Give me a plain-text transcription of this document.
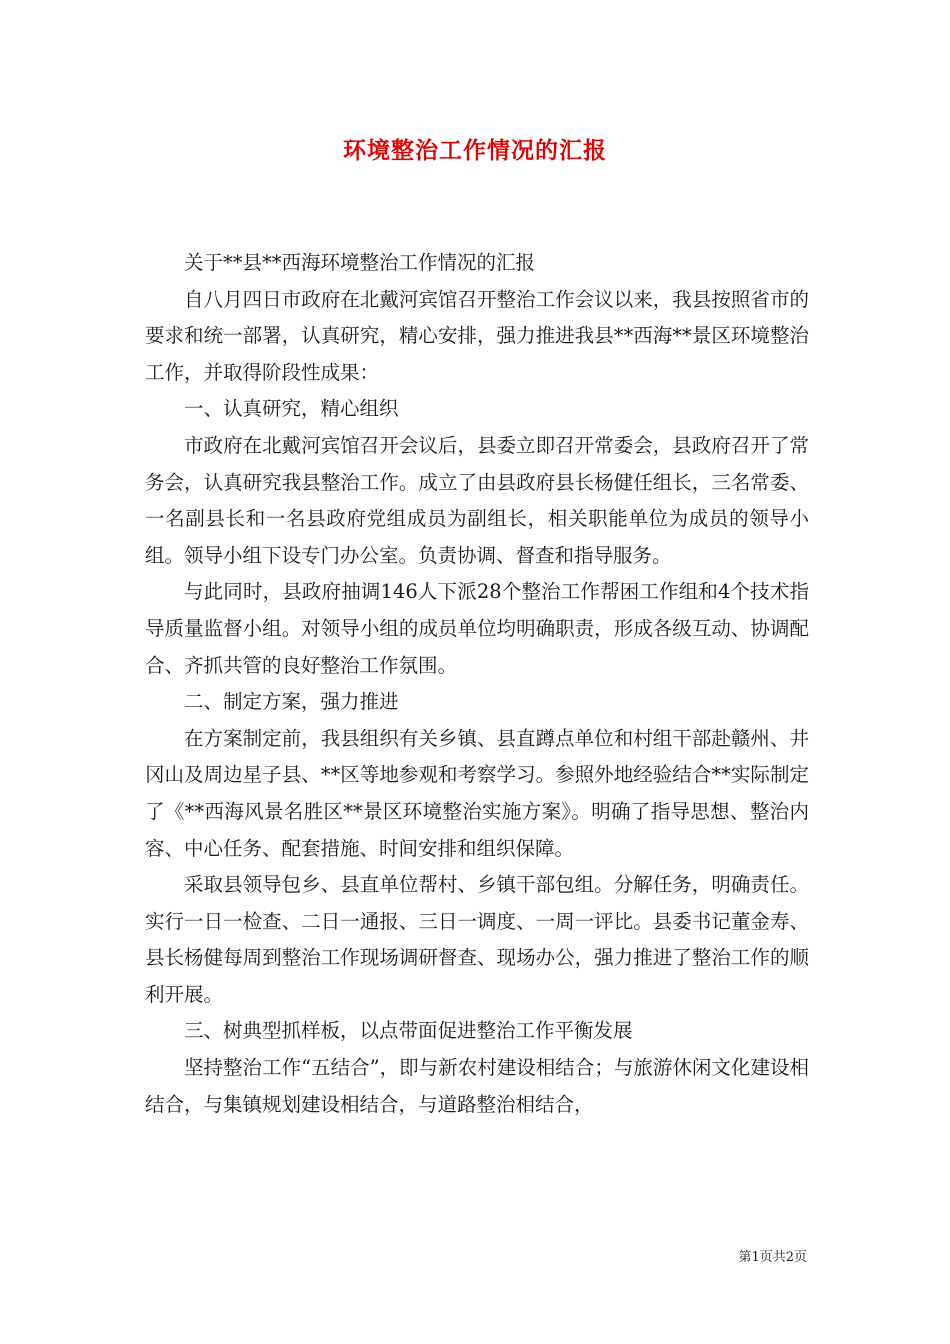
环境整治工作情况的汇报

关于**县**西海环境整治工作情况的汇报

自八月四日市政府在北戴河宾馆召开整治工作会议以来，我县按照省市的要求和统一部署，认真研究，精心安排，强力推进我县**西海**景区环境整治工作，并取得阶段性成果：

一、认真研究，精心组织

市政府在北戴河宾馆召开会议后，县委立即召开常委会，县政府召开了常务会，认真研究我县整治工作。成立了由县政府县长杨健任组长，三名常委、一名副县长和一名县政府党组成员为副组长，相关职能单位为成员的领导小组。领导小组下设专门办公室。负责协调、督查和指导服务。

与此同时，县政府抽调146人下派28个整治工作帮困工作组和4个技术指导质量监督小组。对领导小组的成员单位均明确职责，形成各级互动、协调配合、齐抓共管的良好整治工作氛围。

二、制定方案，强力推进

在方案制定前，我县组织有关乡镇、县直蹲点单位和村组干部赴赣州、井冈山及周边星子县、**区等地参观和考察学习。参照外地经验结合**实际制定了《**西海风景名胜区**景区环境整治实施方案》。明确了指导思想、整治内容、中心任务、配套措施、时间安排和组织保障。

采取县领导包乡、县直单位帮村、乡镇干部包组。分解任务，明确责任。实行一日一检查、二日一通报、三日一调度、一周一评比。县委书记董金寿、县长杨健每周到整治工作现场调研督查、现场办公，强力推进了整治工作的顺利开展。

三、树典型抓样板，以点带面促进整治工作平衡发展

坚持整治工作“五结合”，即与新农村建设相结合；与旅游休闲文化建设相结合，与集镇规划建设相结合，与道路整治相结合，

第1页共2页
